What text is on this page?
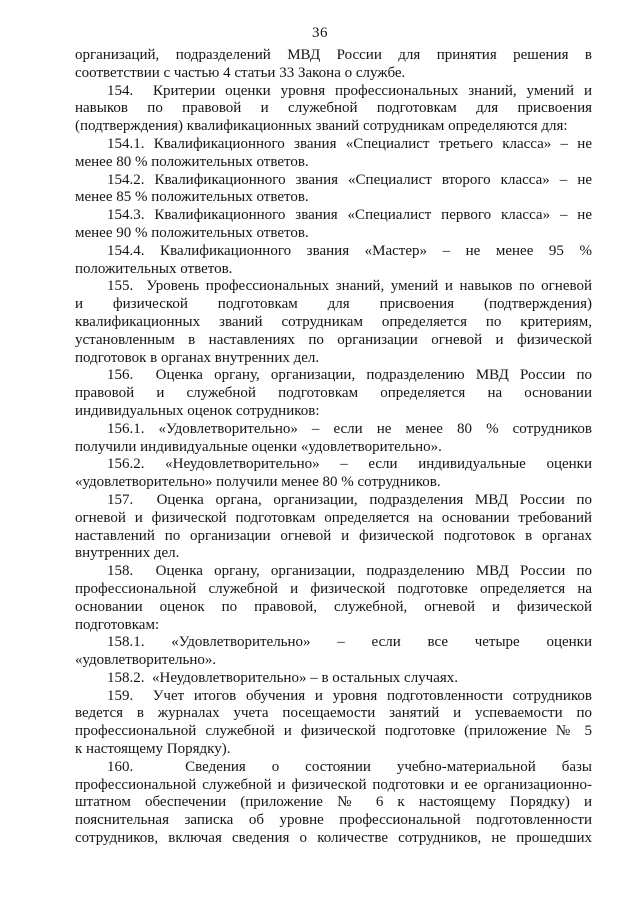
36
организаций, подразделений МВД России для принятия решения в
соответствии с частью 4 статьи 33 Закона о службе.
154.  Критерии оценки уровня профессиональных знаний, умений и
навыков по правовой и служебной подготовкам для присвоения
(подтверждения) квалификационных званий сотрудникам определяются для:
154.1. Квалификационного звания «Специалист третьего класса» – не
менее 80 % положительных ответов.
154.2. Квалификационного звания «Специалист второго класса» – не
менее 85 % положительных ответов.
154.3. Квалификационного звания «Специалист первого класса» – не
менее 90 % положительных ответов.
154.4. Квалификационного звания «Мастер» – не менее 95 %
положительных ответов.
155.  Уровень профессиональных знаний, умений и навыков по огневой
и физической подготовкам для присвоения (подтверждения)
квалификационных званий сотрудникам определяется по критериям,
установленным в наставлениях по организации огневой и физической
подготовок в органах внутренних дел.
156.  Оценка органу, организации, подразделению МВД России по
правовой и служебной подготовкам определяется на основании
индивидуальных оценок сотрудников:
156.1. «Удовлетворительно» – если не менее 80 % сотрудников
получили индивидуальные оценки «удовлетворительно».
156.2. «Неудовлетворительно» – если индивидуальные оценки
«удовлетворительно» получили менее 80 % сотрудников.
157.  Оценка органа, организации, подразделения МВД России по
огневой и физической подготовкам определяется на основании требований
наставлений по организации огневой и физической подготовок в органах
внутренних дел.
158.  Оценка органу, организации, подразделению МВД России по
профессиональной служебной и физической подготовке определяется на
основании оценок по правовой, служебной, огневой и физической
подготовкам:
158.1. «Удовлетворительно» – если все четыре оценки
«удовлетворительно».
158.2.  «Неудовлетворительно» – в остальных случаях.
159.  Учет итогов обучения и уровня подготовленности сотрудников
ведется в журналах учета посещаемости занятий и успеваемости по
профессиональной служебной и физической подготовке (приложение № 5
к настоящему Порядку).
160.  Сведения о состоянии учебно-материальной базы
профессиональной служебной и физической подготовки и ее организационно-
штатном обеспечении (приложение № 6 к настоящему Порядку) и
пояснительная записка об уровне профессиональной подготовленности
сотрудников, включая сведения о количестве сотрудников, не прошедших
